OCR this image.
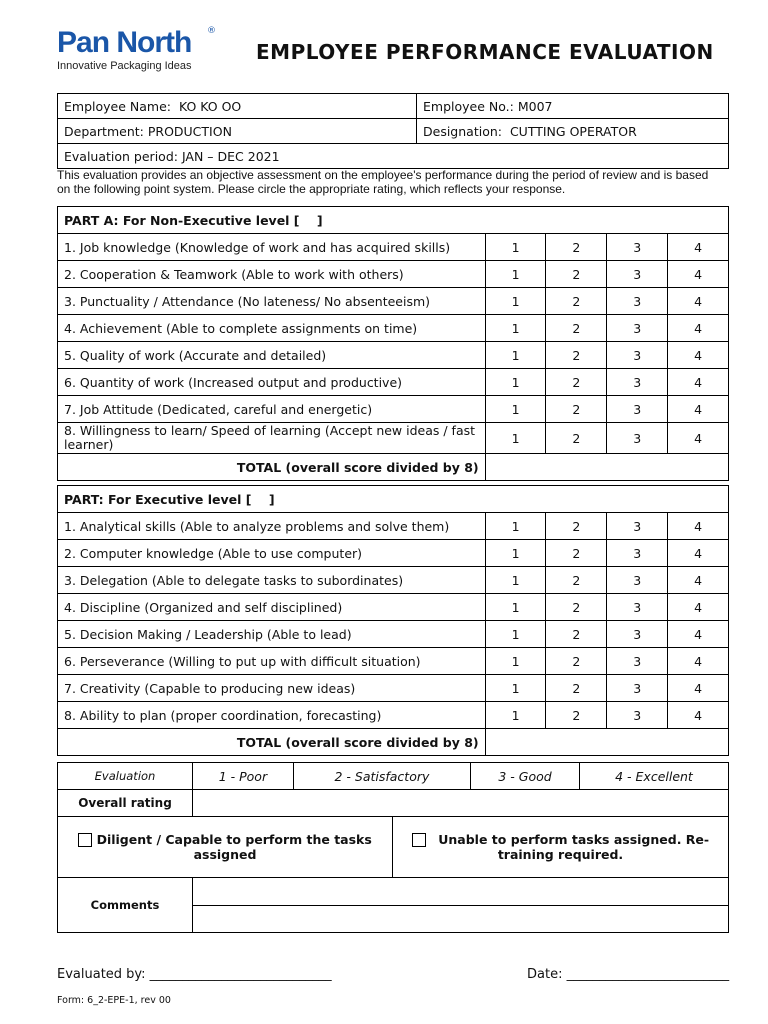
Pan North ®
Innovative Packaging Ideas
EMPLOYEE PERFORMANCE EVALUATION
Employee Name: KO KO OO	Employee No.: M007
Department: PRODUCTION	Designation: CUTTING OPERATOR
Evaluation period: JAN – DEC 2021	
This evaluation provides an objective assessment on the employee's performance during the period of review and is based on the following point system. Please circle the appropriate rating, which reflects your response.
PART A: For Non-Executive level [    ]				
1. Job knowledge (Knowledge of work and has acquired skills)	1	2	3	4
2. Cooperation & Teamwork (Able to work with others)	1	2	3	4
3. Punctuality / Attendance (No lateness/ No absenteeism)	1	2	3	4
4. Achievement (Able to complete assignments on time)	1	2	3	4
5. Quality of work (Accurate and detailed)	1	2	3	4
6. Quantity of work (Increased output and productive)	1	2	3	4
7. Job Attitude (Dedicated, careful and energetic)	1	2	3	4
8. Willingness to learn/ Speed of learning (Accept new ideas / fast learner)	1	2	3	4
TOTAL (overall score divided by 8)				
PART: For Executive level [    ]				
1. Analytical skills (Able to analyze problems and solve them)	1	2	3	4
2. Computer knowledge (Able to use computer)	1	2	3	4
3. Delegation (Able to delegate tasks to subordinates)	1	2	3	4
4. Discipline (Organized and self disciplined)	1	2	3	4
5. Decision Making / Leadership (Able to lead)	1	2	3	4
6. Perseverance (Willing to put up with difficult situation)	1	2	3	4
7. Creativity (Capable to producing new ideas)	1	2	3	4
8. Ability to plan (proper coordination, forecasting)	1	2	3	4
TOTAL (overall score divided by 8)				
Evaluation	1 - Poor	2 - Satisfactory	3 - Good	4 - Excellent
Overall rating				
Diligent / Capable to perform the tasks assigned	Unable to perform tasks assigned. Re-training required.
Comments	

Evaluated by: ____________________________	Date: _________________________
Form: 6_2-EPE-1, rev 00
